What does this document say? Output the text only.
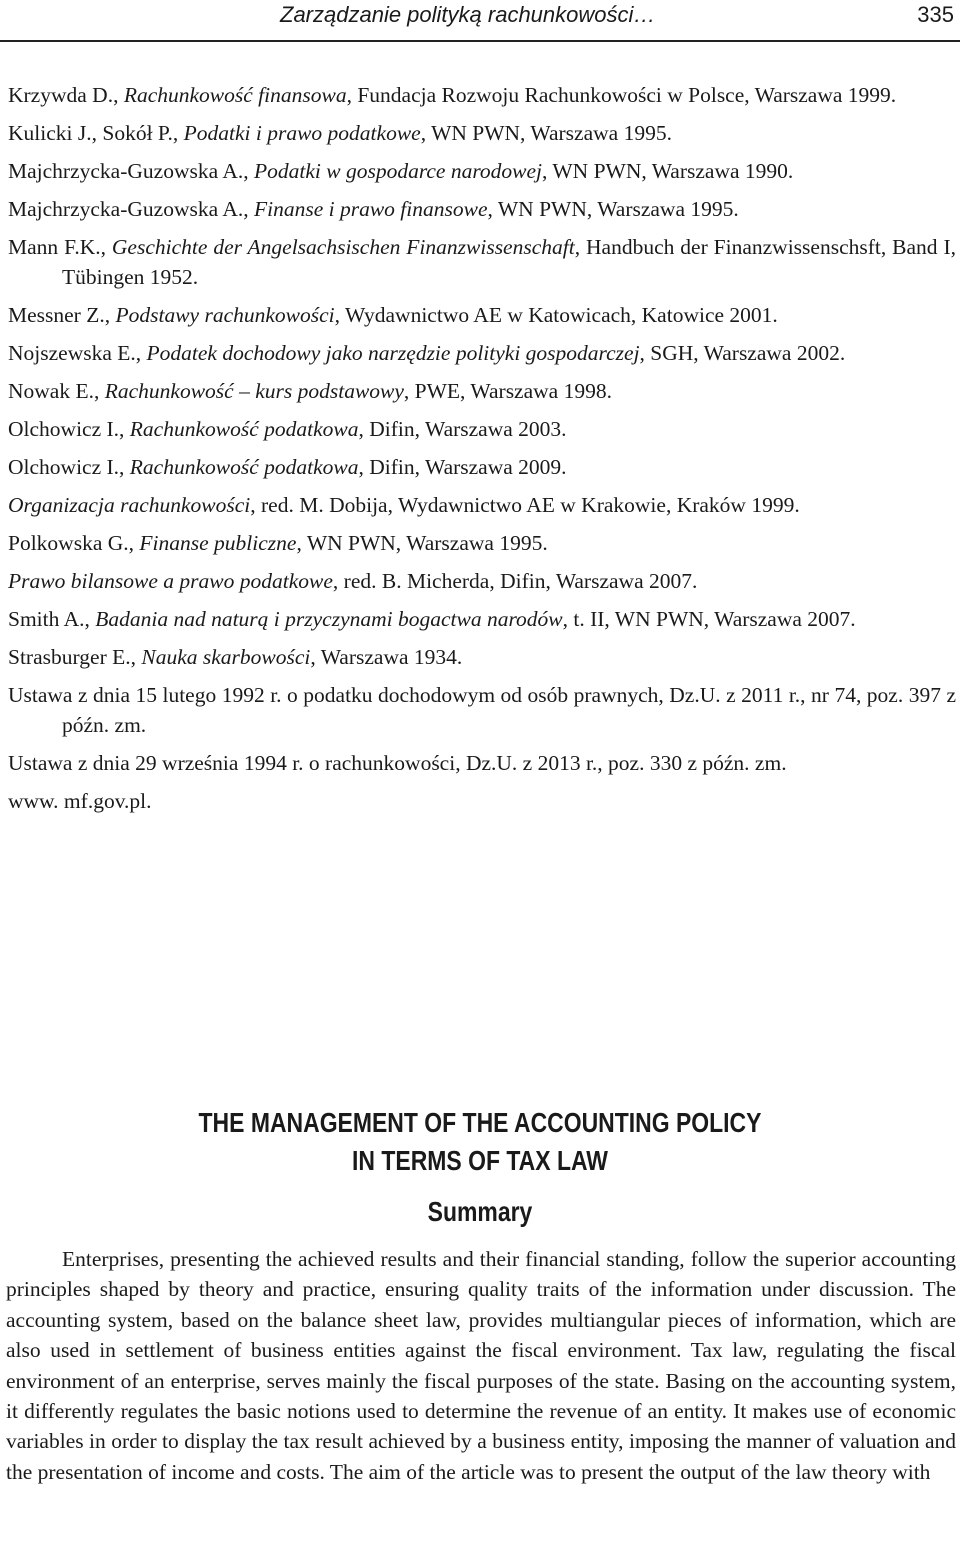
Zarządzanie polityką rachunkowości…	335
Krzywda D., Rachunkowość finansowa, Fundacja Rozwoju Rachunkowości w Polsce, Warszawa 1999.
Kulicki J., Sokół P., Podatki i prawo podatkowe, WN PWN, Warszawa 1995.
Majchrzycka-Guzowska A., Podatki w gospodarce narodowej, WN PWN, Warszawa 1990.
Majchrzycka-Guzowska A., Finanse i prawo finansowe, WN PWN, Warszawa 1995.
Mann F.K., Geschichte der Angelsachsischen Finanzwissenschaft, Handbuch der Finanzwissenschsft, Band I, Tübingen 1952.
Messner Z., Podstawy rachunkowości, Wydawnictwo AE w Katowicach, Katowice 2001.
Nojszewska E., Podatek dochodowy jako narzędzie polityki gospodarczej, SGH, Warszawa 2002.
Nowak E., Rachunkowość – kurs podstawowy, PWE, Warszawa 1998.
Olchowicz I., Rachunkowość podatkowa, Difin, Warszawa 2003.
Olchowicz I., Rachunkowość podatkowa, Difin, Warszawa 2009.
Organizacja rachunkowości, red. M. Dobija, Wydawnictwo AE w Krakowie, Kraków 1999.
Polkowska G., Finanse publiczne, WN PWN, Warszawa 1995.
Prawo bilansowe a prawo podatkowe, red. B. Micherda, Difin, Warszawa 2007.
Smith A., Badania nad naturą i przyczynami bogactwa narodów, t. II, WN PWN, Warszawa 2007.
Strasburger E., Nauka skarbowości, Warszawa 1934.
Ustawa z dnia 15 lutego 1992 r. o podatku dochodowym od osób prawnych, Dz.U. z 2011 r., nr 74, poz. 397 z późn. zm.
Ustawa z dnia 29 września 1994 r. o rachunkowości, Dz.U. z 2013 r., poz. 330 z późn. zm.
www. mf.gov.pl.
THE MANAGEMENT OF THE ACCOUNTING POLICY
IN TERMS OF TAX LAW
Summary

Enterprises, presenting the achieved results and their financial standing, follow the superior accounting principles shaped by theory and practice, ensuring quality traits of the information under discussion. The accounting system, based on the balance sheet law, provides multiangular pieces of information, which are also used in settlement of business entities against the fiscal environment. Tax law, regulating the fiscal environment of an enterprise, serves mainly the fiscal purposes of the state. Basing on the accounting system, it differently regulates the basic notions used to determine the revenue of an entity. It makes use of economic variables in order to display the tax result achieved by a business entity, imposing the manner of valuation and the presentation of income and costs. The aim of the article was to present the output of the law theory with
